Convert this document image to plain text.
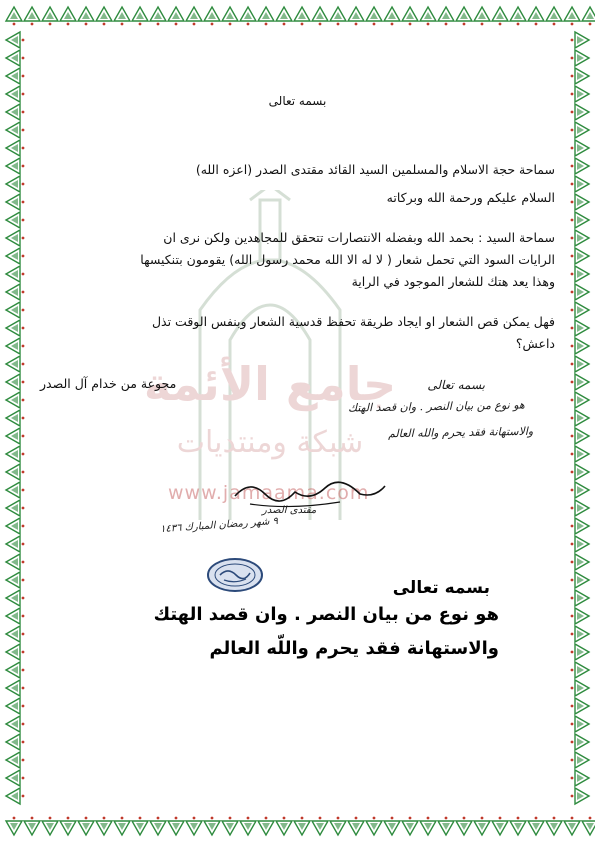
جامع الأئمة
شبكة ومنتديات
www.jamaama.com
بسمه تعالى
سماحة حجة الاسلام والمسلمين السيد القائد مقتدى الصدر (اعزه الله)
السلام عليكم ورحمة الله وبركاته
سماحة السيد : بحمد الله وبفضله الانتصارات تتحقق للمجاهدين ولكن نرى ان
الرايات السود التي تحمل شعار ( لا له الا الله محمد رسول الله) يقومون بتنكيسها
وهذا يعد هتك للشعار الموجود في الراية
فهل يمكن قص الشعار او ايجاد طريقة تحفظ قدسية الشعار وبنفس الوقت تذل
داعش؟
مجوعة من خدام آل الصدر	بسمه تعالى
هو نوع من بيان النصر . وان قصد الهتك
والاستهانة فقد يحرم والله العالم
مقتدى الصدر
٩ شهر رمضان المبارك ١٤٣٦
بسمه تعالى
هو نوع من بيان النصر . وان قصد الهتك
والاستهانة فقد يحرم واللّه العالم
